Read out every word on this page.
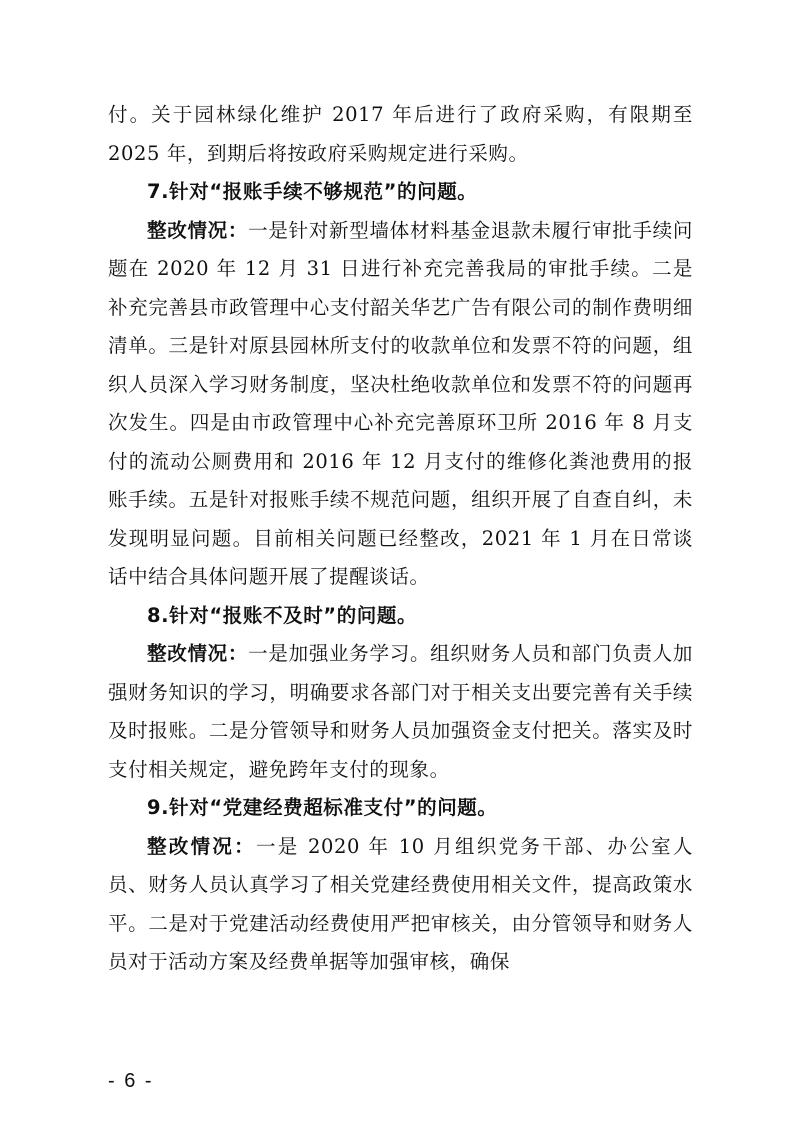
付。关于园林绿化维护 2017 年后进行了政府采购，有限期至 2025 年，到期后将按政府采购规定进行采购。

7.针对“报账手续不够规范”的问题。

整改情况：一是针对新型墙体材料基金退款未履行审批手续问题在 2020 年 12 月 31 日进行补充完善我局的审批手续。二是补充完善县市政管理中心支付韶关华艺广告有限公司的制作费明细清单。三是针对原县园林所支付的收款单位和发票不符的问题，组织人员深入学习财务制度，坚决杜绝收款单位和发票不符的问题再次发生。四是由市政管理中心补充完善原环卫所 2016 年 8 月支付的流动公厕费用和 2016 年 12 月支付的维修化粪池费用的报账手续。五是针对报账手续不规范问题，组织开展了自查自纠，未发现明显问题。目前相关问题已经整改，2021 年 1 月在日常谈话中结合具体问题开展了提醒谈话。

8.针对“报账不及时”的问题。

整改情况：一是加强业务学习。组织财务人员和部门负责人加强财务知识的学习，明确要求各部门对于相关支出要完善有关手续及时报账。二是分管领导和财务人员加强资金支付把关。落实及时支付相关规定，避免跨年支付的现象。

9.针对“党建经费超标准支付”的问题。

整改情况：一是 2020 年 10 月组织党务干部、办公室人员、财务人员认真学习了相关党建经费使用相关文件，提高政策水平。二是对于党建活动经费使用严把审核关，由分管领导和财务人员对于活动方案及经费单据等加强审核，确保

- 6 -
